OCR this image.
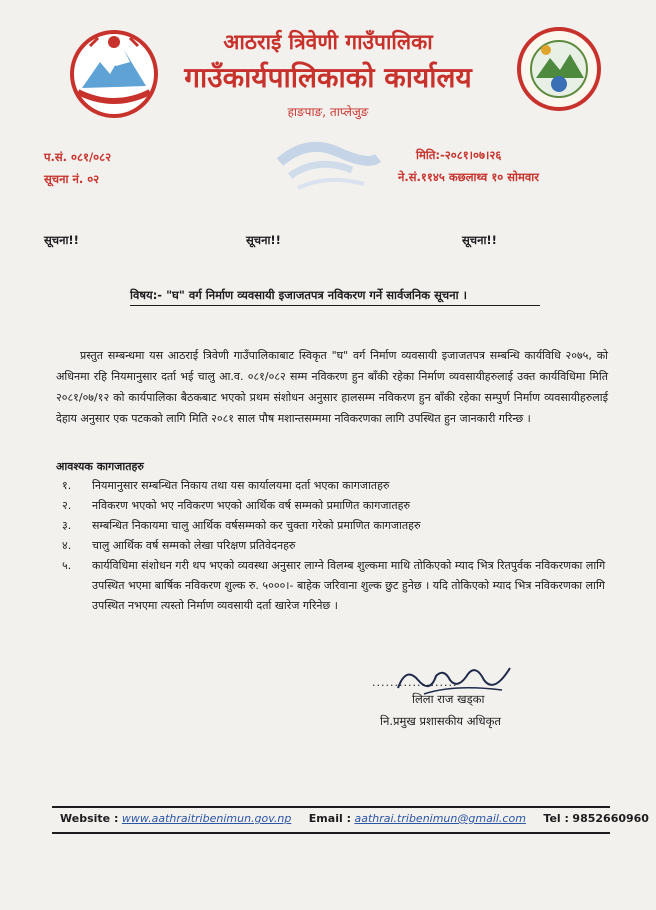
आठराई त्रिवेणी गाउँपालिका
गाउँकार्यपालिकाको कार्यालय
हाङपाङ, ताप्लेजुङ
प.सं. ०८१/०८२
सूचना नं. ०२
मिति:-२०८१।०७।२६
ने.सं.११४५ कछलाथ्व १० सोमवार
सूचना!!	सूचना!!	सूचना!!
विषय:- "घ" वर्ग निर्माण व्यवसायी इजाजतपत्र नविकरण गर्ने सार्वजनिक सूचना ।
प्रस्तुत सम्बन्धमा यस आठराई त्रिवेणी गाउँपालिकाबाट स्विकृत "घ" वर्ग निर्माण व्यवसायी इजाजतपत्र सम्बन्धि कार्यविधि २०७५, को अधिनमा रहि नियमानुसार दर्ता भई चालु आ.व. ०८१/०८२ सम्म नविकरण हुन बाँकी रहेका निर्माण व्यवसायीहरुलाई उक्त कार्यविधिमा मिति २०८१/०७/१२ को कार्यपालिका बैठकबाट भएको प्रथम संशोधन अनुसार हालसम्म नविकरण हुन बाँकी रहेका सम्पुर्ण निर्माण व्यवसायीहरुलाई देहाय अनुसार एक पटकको लागि मिति २०८१ साल पौष मशान्तसम्ममा नविकरणका लागि उपस्थित हुन जानकारी गरिन्छ ।
आवश्यक कागजातहरु
१. नियमानुसार सम्बन्धित निकाय तथा यस कार्यालयमा दर्ता भएका कागजातहरु
२. नविकरण भएको भए नविकरण भएको आर्थिक वर्ष सम्मको प्रमाणित कागजातहरु
३. सम्बन्धित निकायमा चालु आर्थिक वर्षसम्मको कर चुक्ता गरेको प्रमाणित कागजातहरु
४. चालु आर्थिक वर्ष सम्मको लेखा परिक्षण प्रतिवेदनहरु
५. कार्यविधिमा संशोधन गरी थप भएको व्यवस्था अनुसार लाग्ने विलम्ब शुल्कमा माथि तोकिएको म्याद भित्र रितपुर्वक नविकरणका लागि उपस्थित भएमा बार्षिक नविकरण शुल्क रु. ५०००।- बाहेक जरिवाना शुल्क छुट हुनेछ । यदि तोकिएको म्याद भित्र नविकरणका लागि उपस्थित नभएमा त्यस्तो निर्माण व्यवसायी दर्ता खारेज गरिनेछ ।
...................
लिला राज खड्का
नि.प्रमुख प्रशासकीय अधिकृत
Website : www.aathraitribenimun.gov.np Email : aathrai.tribenimun@gmail.com Tel : 9852660960
